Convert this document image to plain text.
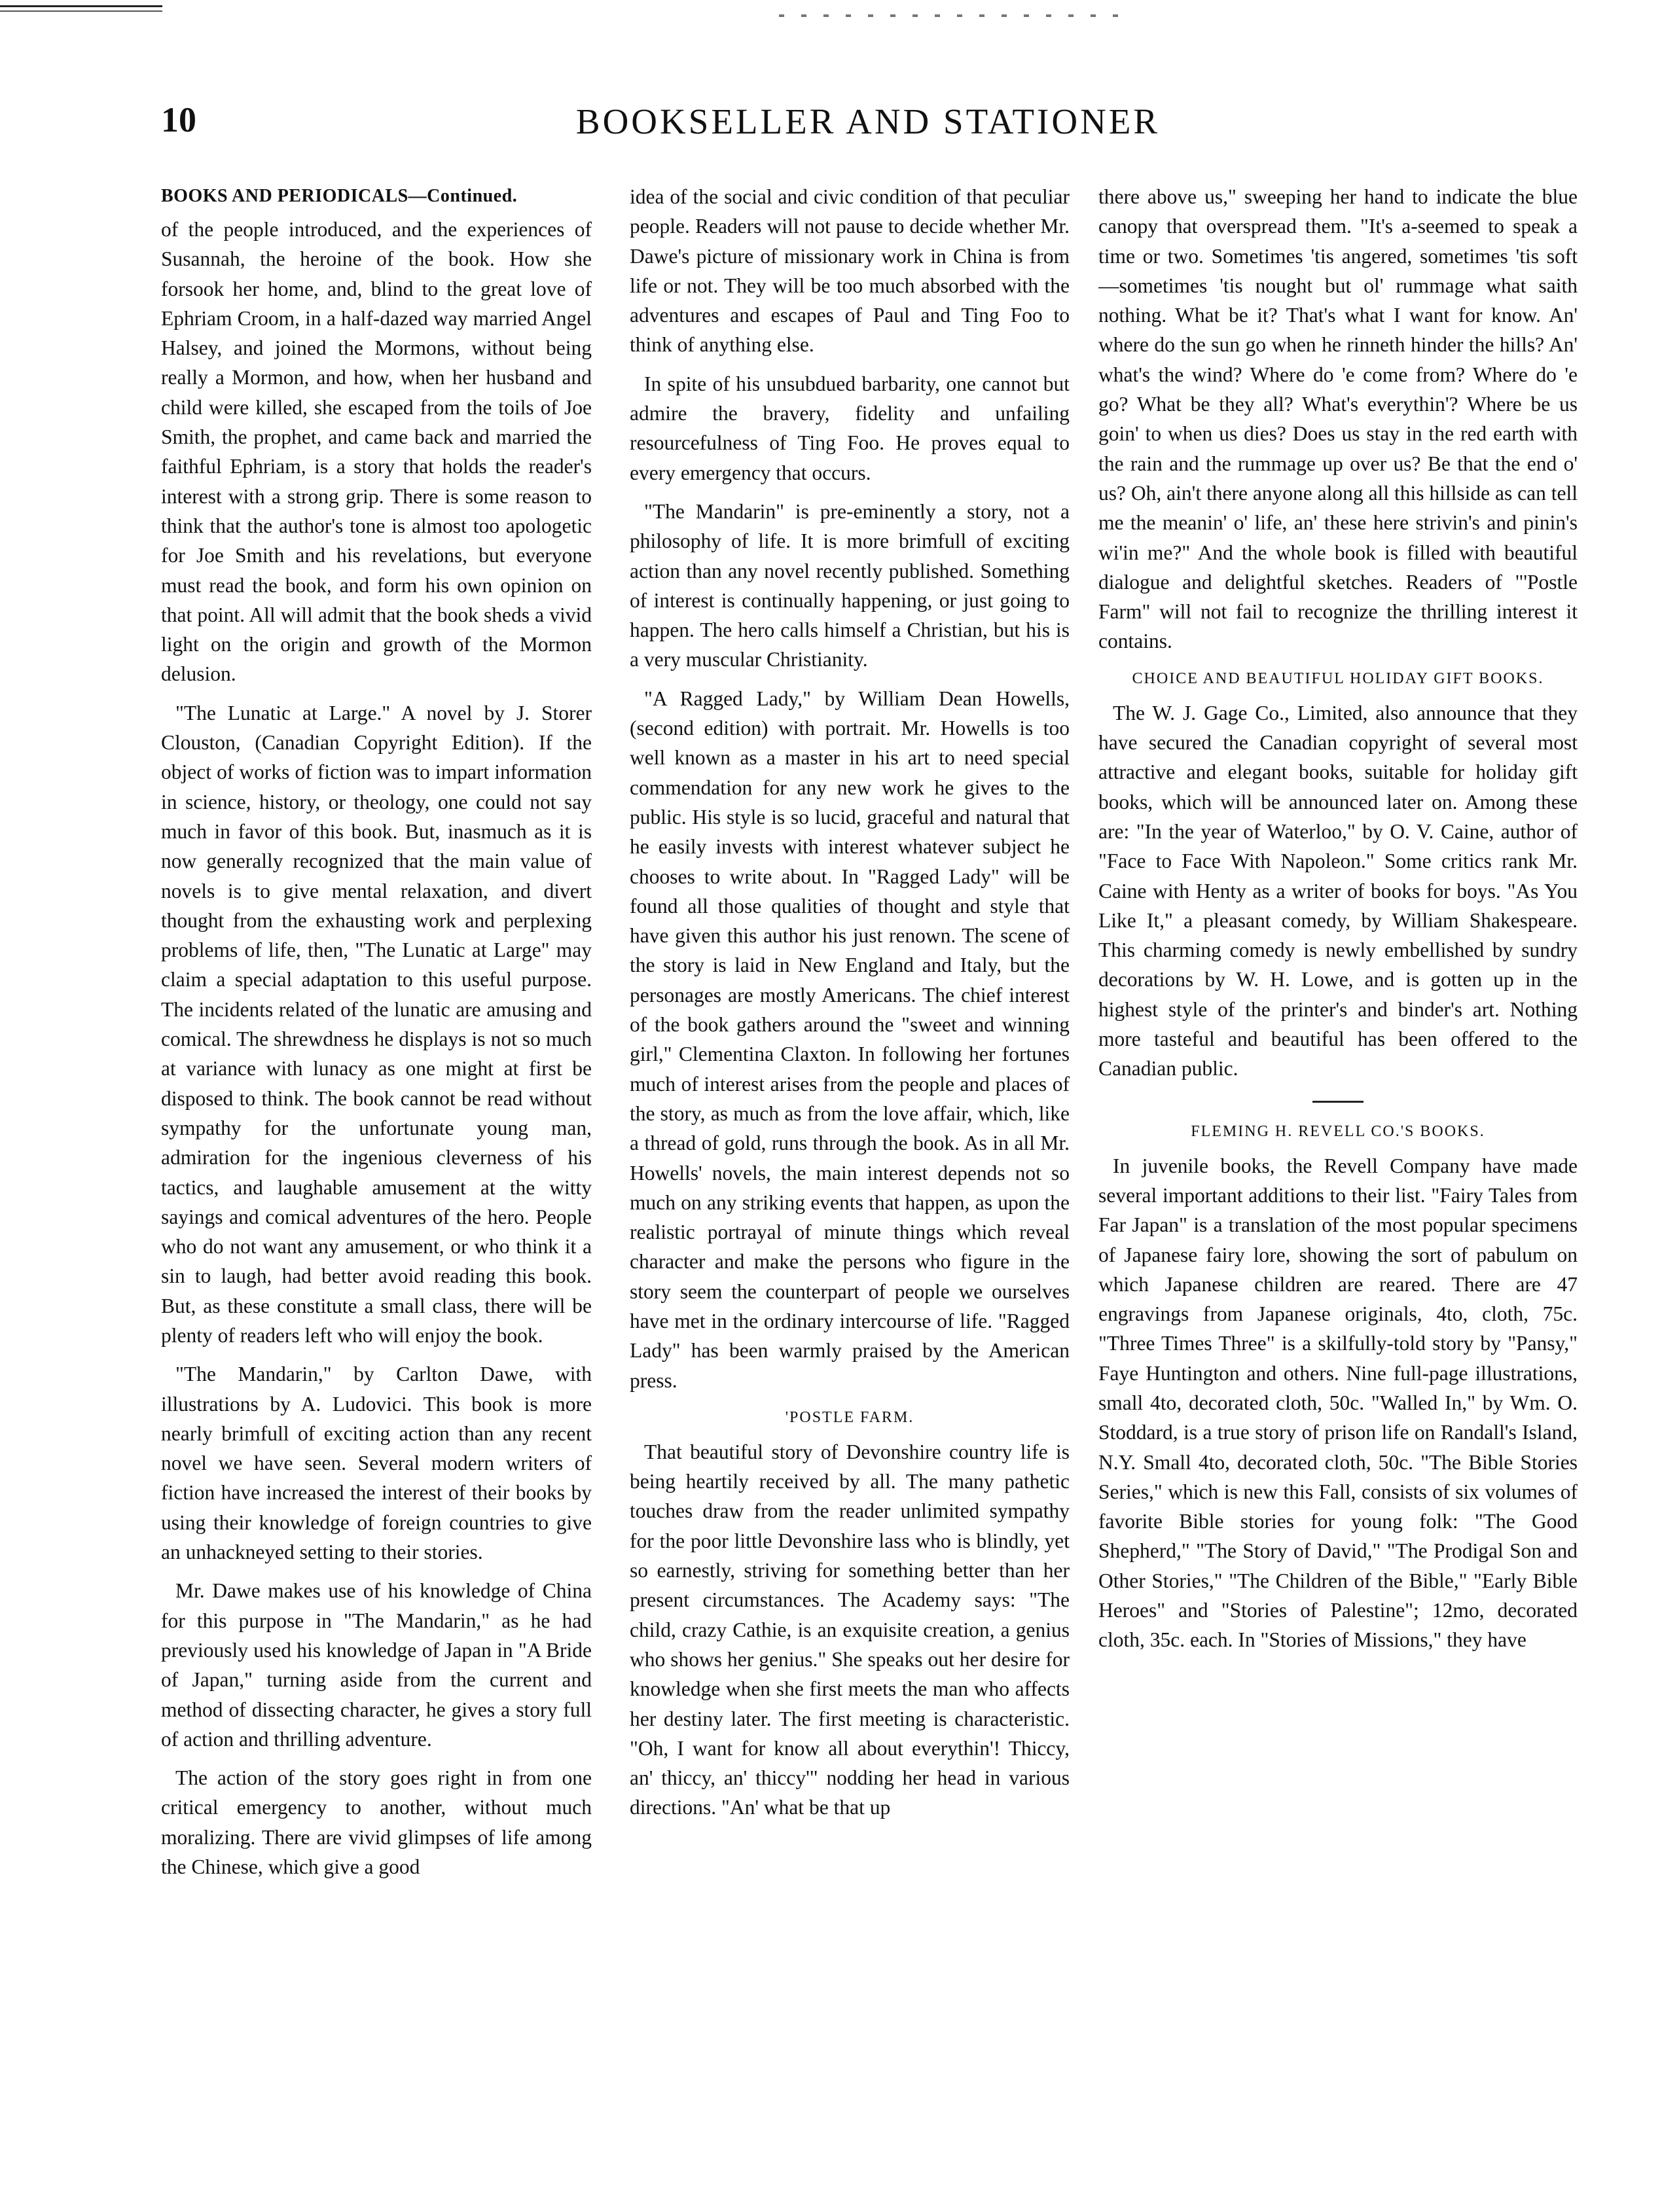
10	BOOKSELLER AND STATIONER
BOOKS AND PERIODICALS—Continued.

of the people introduced, and the experiences of Susannah, the heroine of the book. How she forsook her home, and, blind to the great love of Ephriam Croom, in a half-dazed way married Angel Halsey, and joined the Mormons, without being really a Mormon, and how, when her husband and child were killed, she escaped from the toils of Joe Smith, the prophet, and came back and married the faithful Ephriam, is a story that holds the reader's interest with a strong grip. There is some reason to think that the author's tone is almost too apologetic for Joe Smith and his revelations, but everyone must read the book, and form his own opinion on that point. All will admit that the book sheds a vivid light on the origin and growth of the Mormon delusion.

"The Lunatic at Large." A novel by J. Storer Clouston, (Canadian Copyright Edition). If the object of works of fiction was to impart information in science, history, or theology, one could not say much in favor of this book. But, inasmuch as it is now generally recognized that the main value of novels is to give mental relaxation, and divert thought from the exhausting work and perplexing problems of life, then, "The Lunatic at Large" may claim a special adaptation to this useful purpose. The incidents related of the lunatic are amusing and comical. The shrewdness he displays is not so much at variance with lunacy as one might at first be disposed to think. The book cannot be read without sympathy for the unfortunate young man, admiration for the ingenious cleverness of his tactics, and laughable amusement at the witty sayings and comical adventures of the hero. People who do not want any amusement, or who think it a sin to laugh, had better avoid reading this book. But, as these constitute a small class, there will be plenty of readers left who will enjoy the book.

"The Mandarin," by Carlton Dawe, with illustrations by A. Ludovici. This book is more nearly brimfull of exciting action than any recent novel we have seen. Several modern writers of fiction have increased the interest of their books by using their knowledge of foreign countries to give an unhackneyed setting to their stories.

Mr. Dawe makes use of his knowledge of China for this purpose in "The Mandarin," as he had previously used his knowledge of Japan in "A Bride of Japan," turning aside from the current and method of dissecting character, he gives a story full of action and thrilling adventure.

The action of the story goes right in from one critical emergency to another, without much moralizing. There are vivid glimpses of life among the Chinese, which give a good

idea of the social and civic condition of that peculiar people. Readers will not pause to decide whether Mr. Dawe's picture of missionary work in China is from life or not. They will be too much absorbed with the adventures and escapes of Paul and Ting Foo to think of anything else.

In spite of his unsubdued barbarity, one cannot but admire the bravery, fidelity and unfailing resourcefulness of Ting Foo. He proves equal to every emergency that occurs.

"The Mandarin" is pre-eminently a story, not a philosophy of life. It is more brimfull of exciting action than any novel recently published. Something of interest is continually happening, or just going to happen. The hero calls himself a Christian, but his is a very muscular Christianity.

"A Ragged Lady," by William Dean Howells, (second edition) with portrait. Mr. Howells is too well known as a master in his art to need special commendation for any new work he gives to the public. His style is so lucid, graceful and natural that he easily invests with interest whatever subject he chooses to write about. In "Ragged Lady" will be found all those qualities of thought and style that have given this author his just renown. The scene of the story is laid in New England and Italy, but the personages are mostly Americans. The chief interest of the book gathers around the "sweet and winning girl," Clementina Claxton. In following her fortunes much of interest arises from the people and places of the story, as much as from the love affair, which, like a thread of gold, runs through the book. As in all Mr. Howells' novels, the main interest depends not so much on any striking events that happen, as upon the realistic portrayal of minute things which reveal character and make the persons who figure in the story seem the counterpart of people we ourselves have met in the ordinary intercourse of life. "Ragged Lady" has been warmly praised by the American press.

'POSTLE FARM.

That beautiful story of Devonshire country life is being heartily received by all. The many pathetic touches draw from the reader unlimited sympathy for the poor little Devonshire lass who is blindly, yet so earnestly, striving for something better than her present circumstances. The Academy says: "The child, crazy Cathie, is an exquisite creation, a genius who shows her genius." She speaks out her desire for knowledge when she first meets the man who affects her destiny later. The first meeting is characteristic. "Oh, I want for know all about everythin'! Thiccy, an' thiccy, an' thiccy'" nodding her head in various directions. "An' what be that up

there above us," sweeping her hand to indicate the blue canopy that overspread them. "It's a-seemed to speak a time or two. Sometimes 'tis angered, sometimes 'tis soft—sometimes 'tis nought but ol' rummage what saith nothing. What be it? That's what I want for know. An' where do the sun go when he rinneth hinder the hills? An' what's the wind? Where do 'e come from? Where do 'e go? What be they all? What's everythin'? Where be us goin' to when us dies? Does us stay in the red earth with the rain and the rummage up over us? Be that the end o' us? Oh, ain't there anyone along all this hillside as can tell me the meanin' o' life, an' these here strivin's and pinin's wi'in me?" And the whole book is filled with beautiful dialogue and delightful sketches. Readers of "'Postle Farm" will not fail to recognize the thrilling interest it contains.

CHOICE AND BEAUTIFUL HOLIDAY GIFT BOOKS.

The W. J. Gage Co., Limited, also announce that they have secured the Canadian copyright of several most attractive and elegant books, suitable for holiday gift books, which will be announced later on. Among these are: "In the year of Waterloo," by O. V. Caine, author of "Face to Face With Napoleon." Some critics rank Mr. Caine with Henty as a writer of books for boys. "As You Like It," a pleasant comedy, by William Shakespeare. This charming comedy is newly embellished by sundry decorations by W. H. Lowe, and is gotten up in the highest style of the printer's and binder's art. Nothing more tasteful and beautiful has been offered to the Canadian public.

FLEMING H. REVELL CO.'S BOOKS.

In juvenile books, the Revell Company have made several important additions to their list. "Fairy Tales from Far Japan" is a translation of the most popular specimens of Japanese fairy lore, showing the sort of pabulum on which Japanese children are reared. There are 47 engravings from Japanese originals, 4to, cloth, 75c. "Three Times Three" is a skilfully-told story by "Pansy," Faye Huntington and others. Nine full-page illustrations, small 4to, decorated cloth, 50c. "Walled In," by Wm. O. Stoddard, is a true story of prison life on Randall's Island, N.Y. Small 4to, decorated cloth, 50c. "The Bible Stories Series," which is new this Fall, consists of six volumes of favorite Bible stories for young folk: "The Good Shepherd," "The Story of David," "The Prodigal Son and Other Stories," "The Children of the Bible," "Early Bible Heroes" and "Stories of Palestine"; 12mo, decorated cloth, 35c. each. In "Stories of Missions," they have
